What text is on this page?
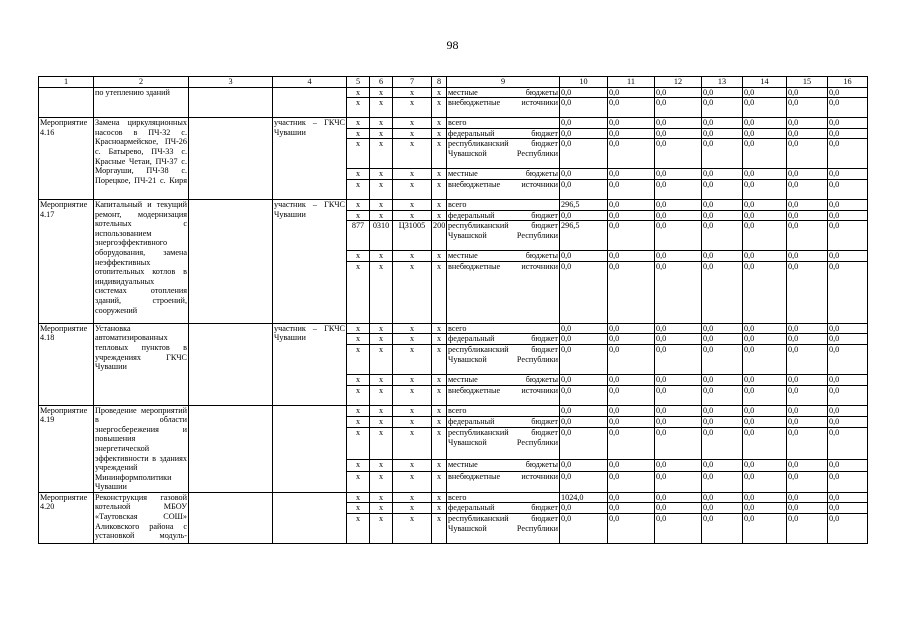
98
1	2	3	4	5	6	7	8	9	10	11	12	13	14	15	16
	по утеплению зданий			x	x	x	x	местные бюджеты	0,0	0,0	0,0	0,0	0,0	0,0	0,0
				x	x	x	x	внебюджетные источники	0,0	0,0	0,0	0,0	0,0	0,0	0,0
Мероприятие 4.16	Замена циркуляционных насосов в ПЧ-32 с. Красноармейское, ПЧ-26 с. Батырево, ПЧ-33 с. Красные Четаи, ПЧ-37 с. Моргауши, ПЧ-38 с. Порецкое, ПЧ-21 с. Киря		участник – ГКЧС Чувашии	x	x	x	x	всего	0,0	0,0	0,0	0,0	0,0	0,0	0,0
				x	x	x	x	федеральный бюджет	0,0	0,0	0,0	0,0	0,0	0,0	0,0
				x	x	x	x	республиканский бюджет Чувашской Республики	0,0	0,0	0,0	0,0	0,0	0,0	0,0
				x	x	x	x	местные бюджеты	0,0	0,0	0,0	0,0	0,0	0,0	0,0
				x	x	x	x	внебюджетные источники	0,0	0,0	0,0	0,0	0,0	0,0	0,0
Мероприятие 4.17	Капитальный и текущий ремонт, модернизация котельных с использованием энергоэффективного оборудования, замена неэффективных отопительных котлов в индивидуальных системах отопления зданий, строений, сооружений		участник – ГКЧС Чувашии	x	x	x	x	всего	296,5	0,0	0,0	0,0	0,0	0,0	0,0
				x	x	x	x	федеральный бюджет	0,0	0,0	0,0	0,0	0,0	0,0	0,0
				877	0310	Ц31005	200	республиканский бюджет Чувашской Республики	296,5	0,0	0,0	0,0	0,0	0,0	0,0
				x	x	x	x	местные бюджеты	0,0	0,0	0,0	0,0	0,0	0,0	0,0
				x	x	x	x	внебюджетные источники	0,0	0,0	0,0	0,0	0,0	0,0	0,0
Мероприятие 4.18	Установка автоматизированных тепловых пунктов в учреждениях ГКЧС Чувашии		участник – ГКЧС Чувашии	x	x	x	x	всего	0,0	0,0	0,0	0,0	0,0	0,0	0,0
				x	x	x	x	федеральный бюджет	0,0	0,0	0,0	0,0	0,0	0,0	0,0
				x	x	x	x	республиканский бюджет Чувашской Республики	0,0	0,0	0,0	0,0	0,0	0,0	0,0
				x	x	x	x	местные бюджеты	0,0	0,0	0,0	0,0	0,0	0,0	0,0
				x	x	x	x	внебюджетные источники	0,0	0,0	0,0	0,0	0,0	0,0	0,0
Мероприятие 4.19	Проведение мероприятий в области энергосбережения и повышения энергетической эффективности в зданиях учреждений Мининформполитики Чувашии			x	x	x	x	всего	0,0	0,0	0,0	0,0	0,0	0,0	0,0
				x	x	x	x	федеральный бюджет	0,0	0,0	0,0	0,0	0,0	0,0	0,0
				x	x	x	x	республиканский бюджет Чувашской Республики	0,0	0,0	0,0	0,0	0,0	0,0	0,0
				x	x	x	x	местные бюджеты	0,0	0,0	0,0	0,0	0,0	0,0	0,0
				x	x	x	x	внебюджетные источники	0,0	0,0	0,0	0,0	0,0	0,0	0,0
Мероприятие 4.20	Реконструкция газовой котельной МБОУ «Таутовская СОШ» Аликовского района с установкой модуль-			x	x	x	x	всего	1024,0	0,0	0,0	0,0	0,0	0,0	0,0
				x	x	x	x	федеральный бюджет	0,0	0,0	0,0	0,0	0,0	0,0	0,0
				x	x	x	x	республиканский бюджет Чувашской Республики	0,0	0,0	0,0	0,0	0,0	0,0	0,0
